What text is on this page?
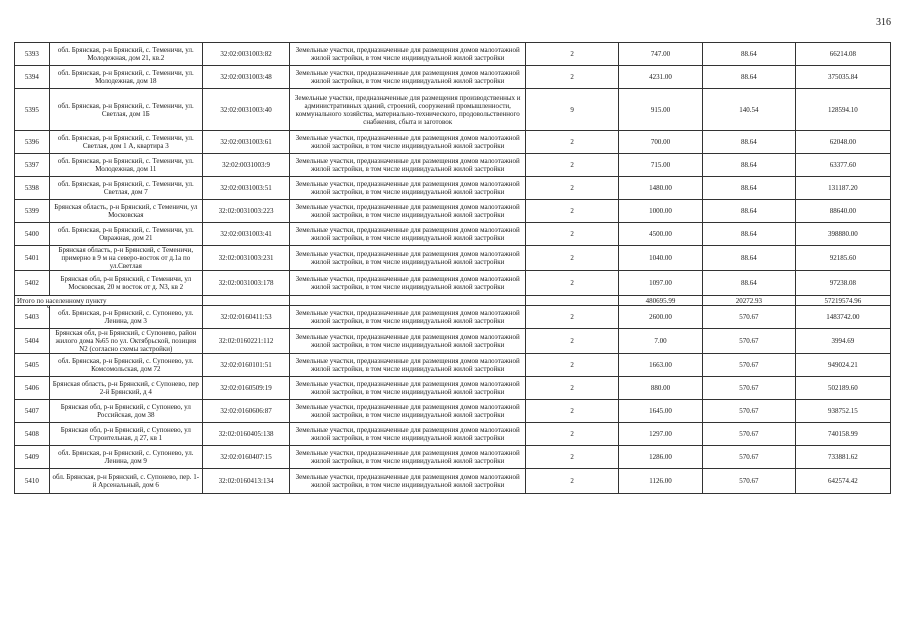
316
5393	обл. Брянская, р-н Брянский, с. Теменичи, ул. Молодежная, дом 21, кв.2	32:02:0031003:82	Земельные участки, предназначенные для размещения домов малоэтажной жилой застройки, в том числе индивидуальной жилой застройки	2	747.00	88.64	66214.08
5394	обл. Брянская, р-н Брянский, с. Теменичи, ул. Молодежная, дом 18	32:02:0031003:48	Земельные участки, предназначенные для размещения домов малоэтажной жилой застройки, в том числе индивидуальной жилой застройки	2	4231.00	88.64	375035.84
5395	обл. Брянская, р-н Брянский, с. Теменичи, ул. Светлая, дом 1Б	32:02:0031003:40	Земельные участки, предназначенные для размещения производственных и административных зданий, строений, сооружений промышленности, коммунального хозяйства, материально-технического, продовольственного снабжения, сбыта и заготовок	9	915.00	140.54	128594.10
5396	обл. Брянская, р-н Брянский, с. Теменичи, ул. Светлая, дом 1 А, квартира 3	32:02:0031003:61	Земельные участки, предназначенные для размещения домов малоэтажной жилой застройки, в том числе индивидуальной жилой застройки	2	700.00	88.64	62048.00
5397	обл. Брянская, р-н Брянский, с. Теменичи, ул. Молодежная, дом 11	32:02:0031003:9	Земельные участки, предназначенные для размещения домов малоэтажной жилой застройки, в том числе индивидуальной жилой застройки	2	715.00	88.64	63377.60
5398	обл. Брянская, р-н Брянский, с. Теменичи, ул. Светлая, дом 7	32:02:0031003:51	Земельные участки, предназначенные для размещения домов малоэтажной жилой застройки, в том числе индивидуальной жилой застройки	2	1480.00	88.64	131187.20
5399	Брянская область, р-н Брянский, с Теменичи, ул Московская	32:02:0031003:223	Земельные участки, предназначенные для размещения домов малоэтажной жилой застройки, в том числе индивидуальной жилой застройки	2	1000.00	88.64	88640.00
5400	обл. Брянская, р-н Брянский, с. Теменичи, ул. Овражная, дом 21	32:02:0031003:41	Земельные участки, предназначенные для размещения домов малоэтажной жилой застройки, в том числе индивидуальной жилой застройки	2	4500.00	88.64	398880.00
5401	Брянская область, р-н Брянский, с Теменичи, примерно в 9 м на северо-восток от д.1а по ул.Светлая	32:02:0031003:231	Земельные участки, предназначенные для размещения домов малоэтажной жилой застройки, в том числе индивидуальной жилой застройки	2	1040.00	88.64	92185.60
5402	Брянская обл, р-н Брянский, с Теменичи, ул Московская, 20 м восток от д. N3, кв 2	32:02:0031003:178	Земельные участки, предназначенные для размещения домов малоэтажной жилой застройки, в том числе индивидуальной жилой застройки	2	1097.00	88.64	97238.08
Итого по населенному пункту					480695.99	20272.93	57219574.96

5403	обл. Брянская, р-н Брянский, с. Супонево, ул. Ленина, дом 3	32:02:0160411:53	Земельные участки, предназначенные для размещения домов малоэтажной жилой застройки, в том числе индивидуальной жилой застройки	2	2600.00	570.67	1483742.00
5404	Брянская обл, р-н Брянский, с Супонево, район жилого дома №65 по ул. Октябрьской, позиция N2 (согласно схемы застройки)	32:02:0160221:112	Земельные участки, предназначенные для размещения домов малоэтажной жилой застройки, в том числе индивидуальной жилой застройки	2	7.00	570.67	3994.69
5405	обл. Брянская, р-н Брянский, с. Супонево, ул. Комсомольская, дом 72	32:02:0160101:51	Земельные участки, предназначенные для размещения домов малоэтажной жилой застройки, в том числе индивидуальной жилой застройки	2	1663.00	570.67	949024.21
5406	Брянская область, р-н Брянский, с Супонево, пер 2-й Брянский, д 4	32:02:0160509:19	Земельные участки, предназначенные для размещения домов малоэтажной жилой застройки, в том числе индивидуальной жилой застройки	2	880.00	570.67	502189.60
5407	Брянская обл, р-н Брянский, с Супонево, ул Российская, дом 38	32:02:0160606:87	Земельные участки, предназначенные для размещения домов малоэтажной жилой застройки, в том числе индивидуальной жилой застройки	2	1645.00	570.67	938752.15
5408	Брянская обл, р-н Брянский, с Супонево, ул Строительная, д 27, кв 1	32:02:0160405:138	Земельные участки, предназначенные для размещения домов малоэтажной жилой застройки, в том числе индивидуальной жилой застройки	2	1297.00	570.67	740158.99
5409	обл. Брянская, р-н Брянский, с. Супонево, ул. Ленина, дом 9	32:02:0160407:15	Земельные участки, предназначенные для размещения домов малоэтажной жилой застройки, в том числе индивидуальной жилой застройки	2	1286.00	570.67	733881.62
5410	обл. Брянская, р-н Брянский, с. Супонево, пер. 1-й Арсенальный, дом 6	32:02:0160413:134	Земельные участки, предназначенные для размещения домов малоэтажной жилой застройки, в том числе индивидуальной жилой застройки	2	1126.00	570.67	642574.42
